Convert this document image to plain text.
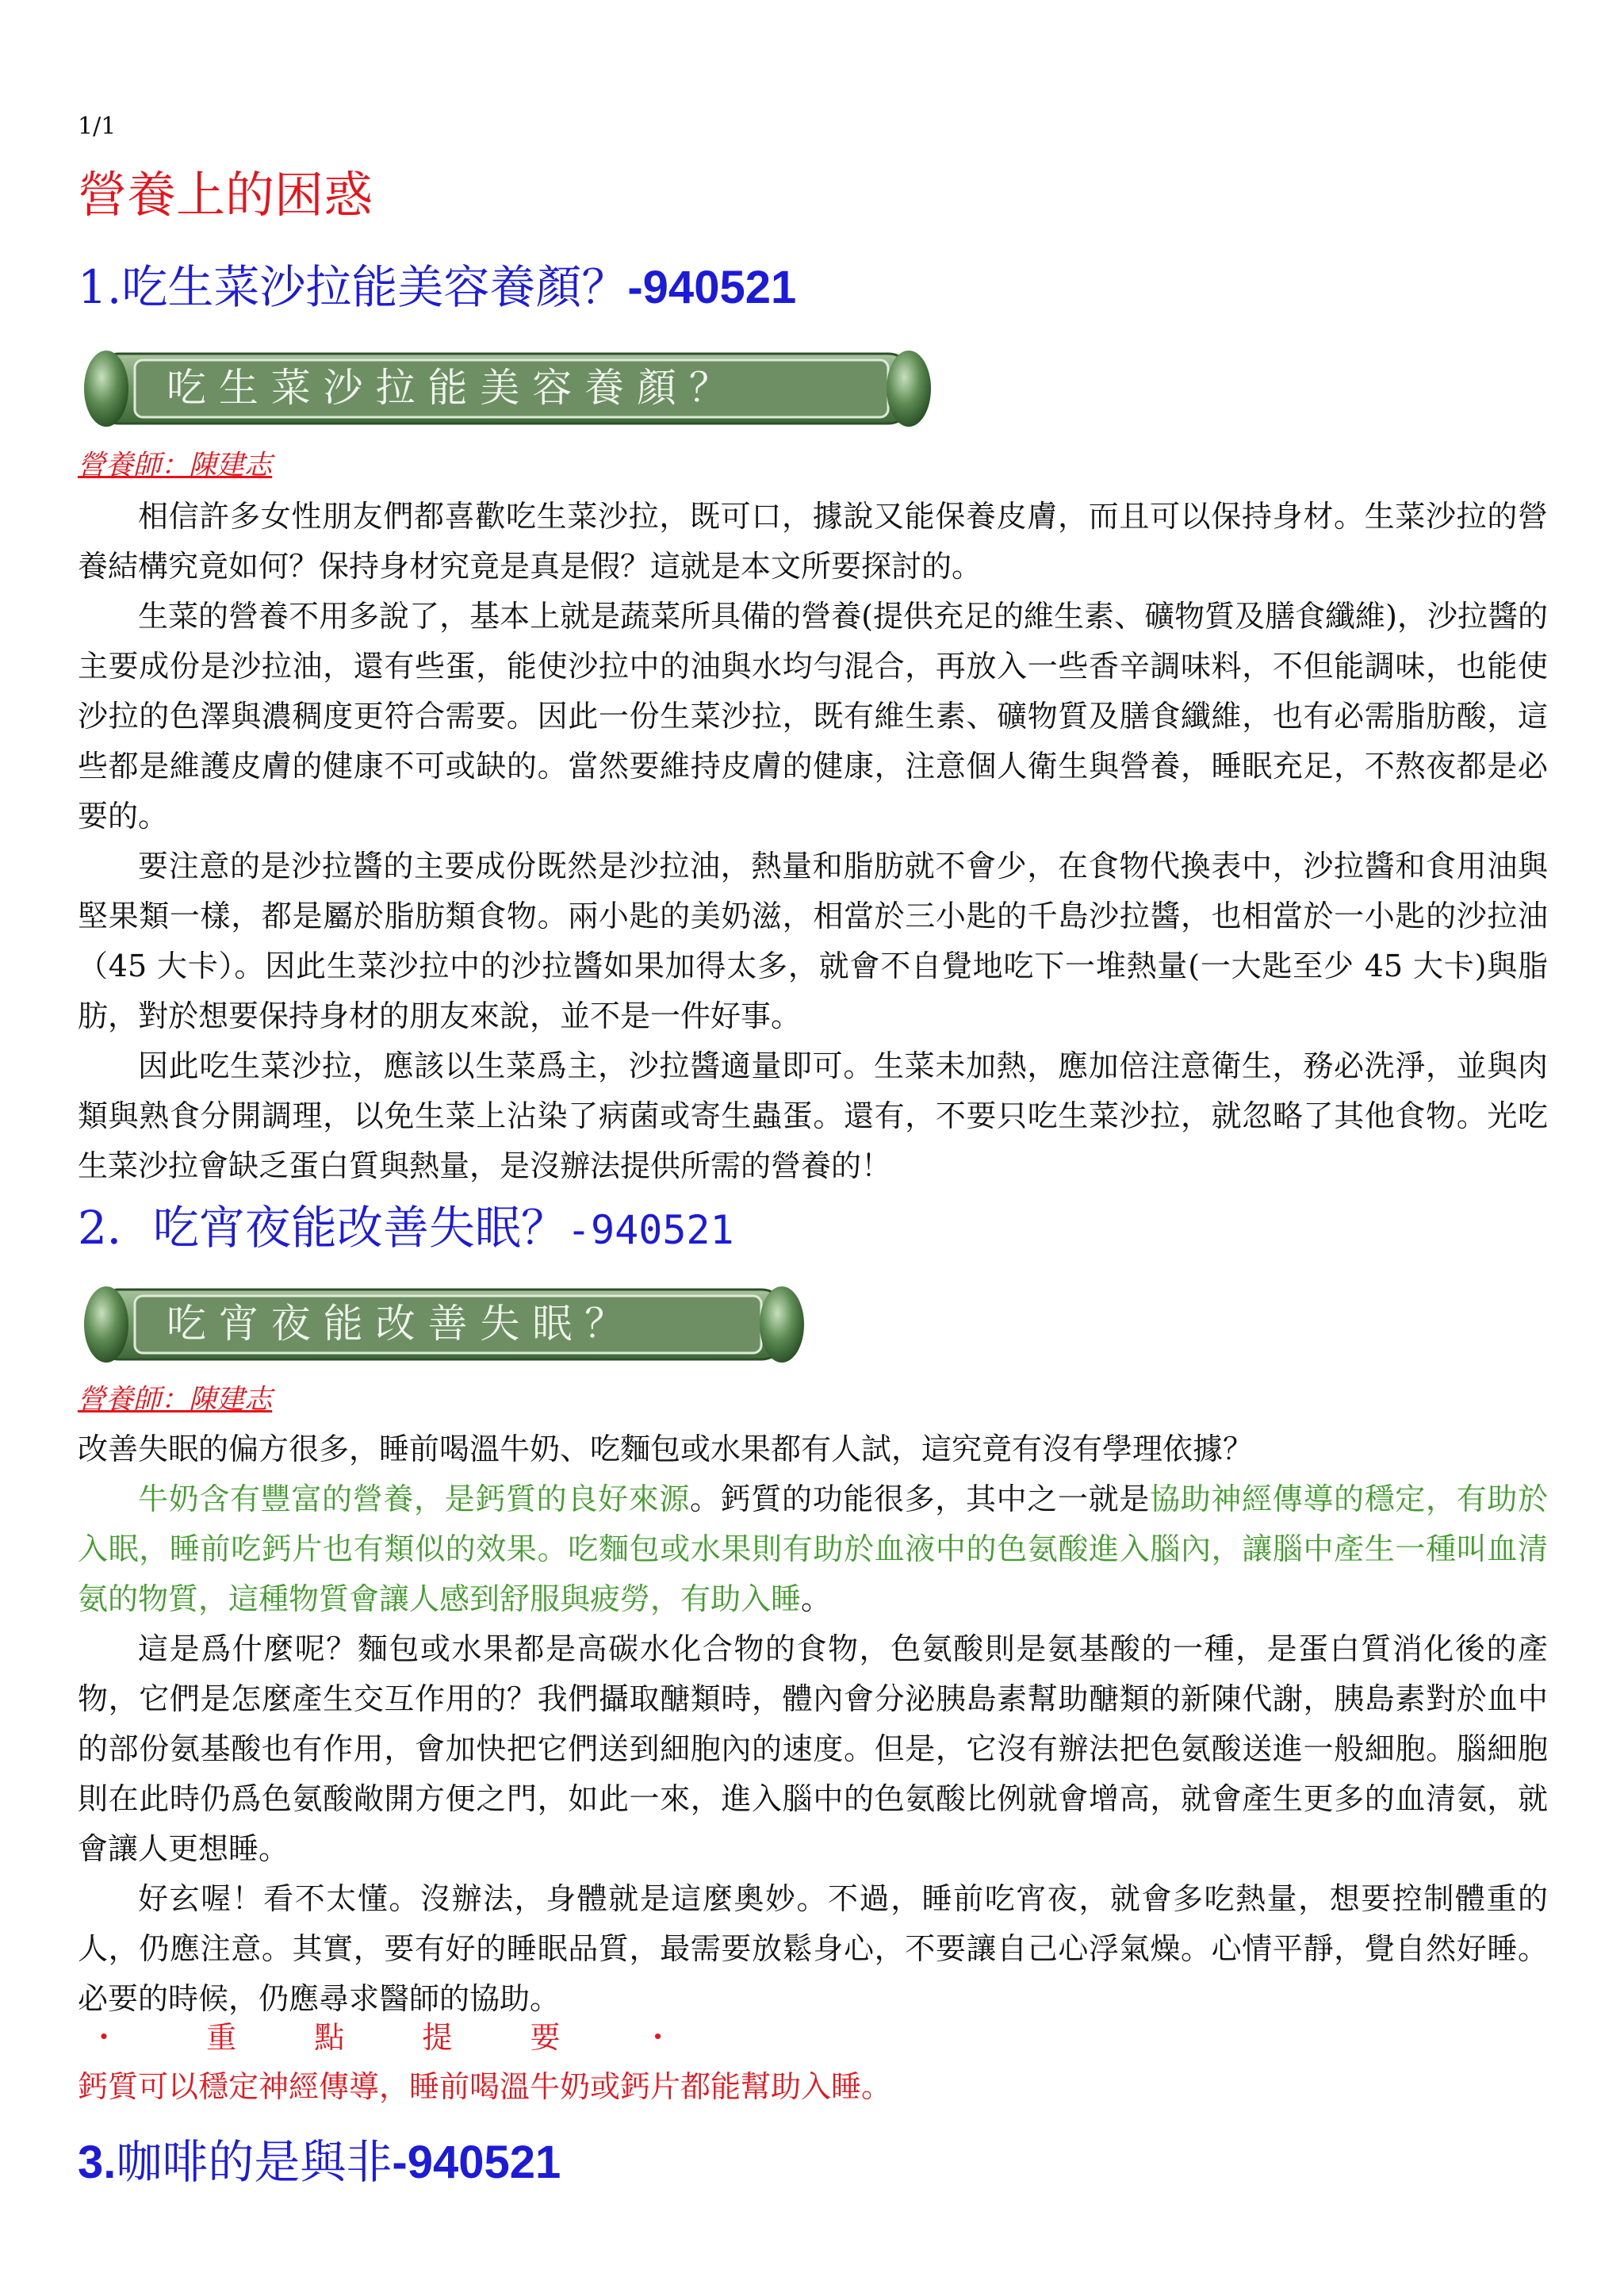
1/1
營養上的困惑
1.吃生菜沙拉能美容養顏？-940521
吃 生 菜 沙 拉 能 美 容 養 顏 ？
營養師：陳建志

相信許多女性朋友們都喜歡吃生菜沙拉，既可口，據說又能保養皮膚，而且可以保持身材。生菜沙拉的營養結構究竟如何？保持身材究竟是真是假？這就是本文所要探討的。

生菜的營養不用多說了，基本上就是蔬菜所具備的營養(提供充足的維生素、礦物質及膳食纖維)，沙拉醬的主要成份是沙拉油，還有些蛋，能使沙拉中的油與水均勻混合，再放入一些香辛調味料，不但能調味，也能使沙拉的色澤與濃稠度更符合需要。因此一份生菜沙拉，既有維生素、礦物質及膳食纖維，也有必需脂肪酸，這些都是維護皮膚的健康不可或缺的。當然要維持皮膚的健康，注意個人衛生與營養，睡眠充足，不熬夜都是必要的。

要注意的是沙拉醬的主要成份既然是沙拉油，熱量和脂肪就不會少，在食物代換表中，沙拉醬和食用油與堅果類一樣，都是屬於脂肪類食物。兩小匙的美奶滋，相當於三小匙的千島沙拉醬，也相當於一小匙的沙拉油（45 大卡）。因此生菜沙拉中的沙拉醬如果加得太多，就會不自覺地吃下一堆熱量(一大匙至少 45 大卡)與脂肪，對於想要保持身材的朋友來說，並不是一件好事。

因此吃生菜沙拉，應該以生菜爲主，沙拉醬適量即可。生菜未加熱，應加倍注意衛生，務必洗淨，並與肉類與熟食分開調理，以免生菜上沾染了病菌或寄生蟲蛋。還有，不要只吃生菜沙拉，就忽略了其他食物。光吃生菜沙拉會缺乏蛋白質與熱量，是沒辦法提供所需的營養的！

2．吃宵夜能改善失眠？-940521
吃 宵 夜 能 改 善 失 眠 ？
營養師：陳建志

改善失眠的偏方很多，睡前喝溫牛奶、吃麵包或水果都有人試，這究竟有沒有學理依據？

牛奶含有豐富的營養，是鈣質的良好來源。鈣質的功能很多，其中之一就是協助神經傳導的穩定，有助於入眠，睡前吃鈣片也有類似的效果。吃麵包或水果則有助於血液中的色氨酸進入腦內，讓腦中產生一種叫血清氨的物質，這種物質會讓人感到舒服與疲勞，有助入睡。

這是爲什麼呢？麵包或水果都是高碳水化合物的食物，色氨酸則是氨基酸的一種，是蛋白質消化後的產物，它們是怎麼產生交互作用的？我們攝取醣類時，體內會分泌胰島素幫助醣類的新陳代謝，胰島素對於血中的部份氨基酸也有作用，會加快把它們送到細胞內的速度。但是，它沒有辦法把色氨酸送進一般細胞。腦細胞則在此時仍爲色氨酸敞開方便之門，如此一來，進入腦中的色氨酸比例就會增高，就會產生更多的血清氨，就會讓人更想睡。

好玄喔！看不太懂。沒辦法，身體就是這麼奧妙。不過，睡前吃宵夜，就會多吃熱量，想要控制體重的人，仍應注意。其實，要有好的睡眠品質，最需要放鬆身心，不要讓自己心浮氣燥。心情平靜，覺自然好睡。必要的時候，仍應尋求醫師的協助。

・	重	點	提	要	・
鈣質可以穩定神經傳導，睡前喝溫牛奶或鈣片都能幫助入睡。
3.咖啡的是與非-940521
